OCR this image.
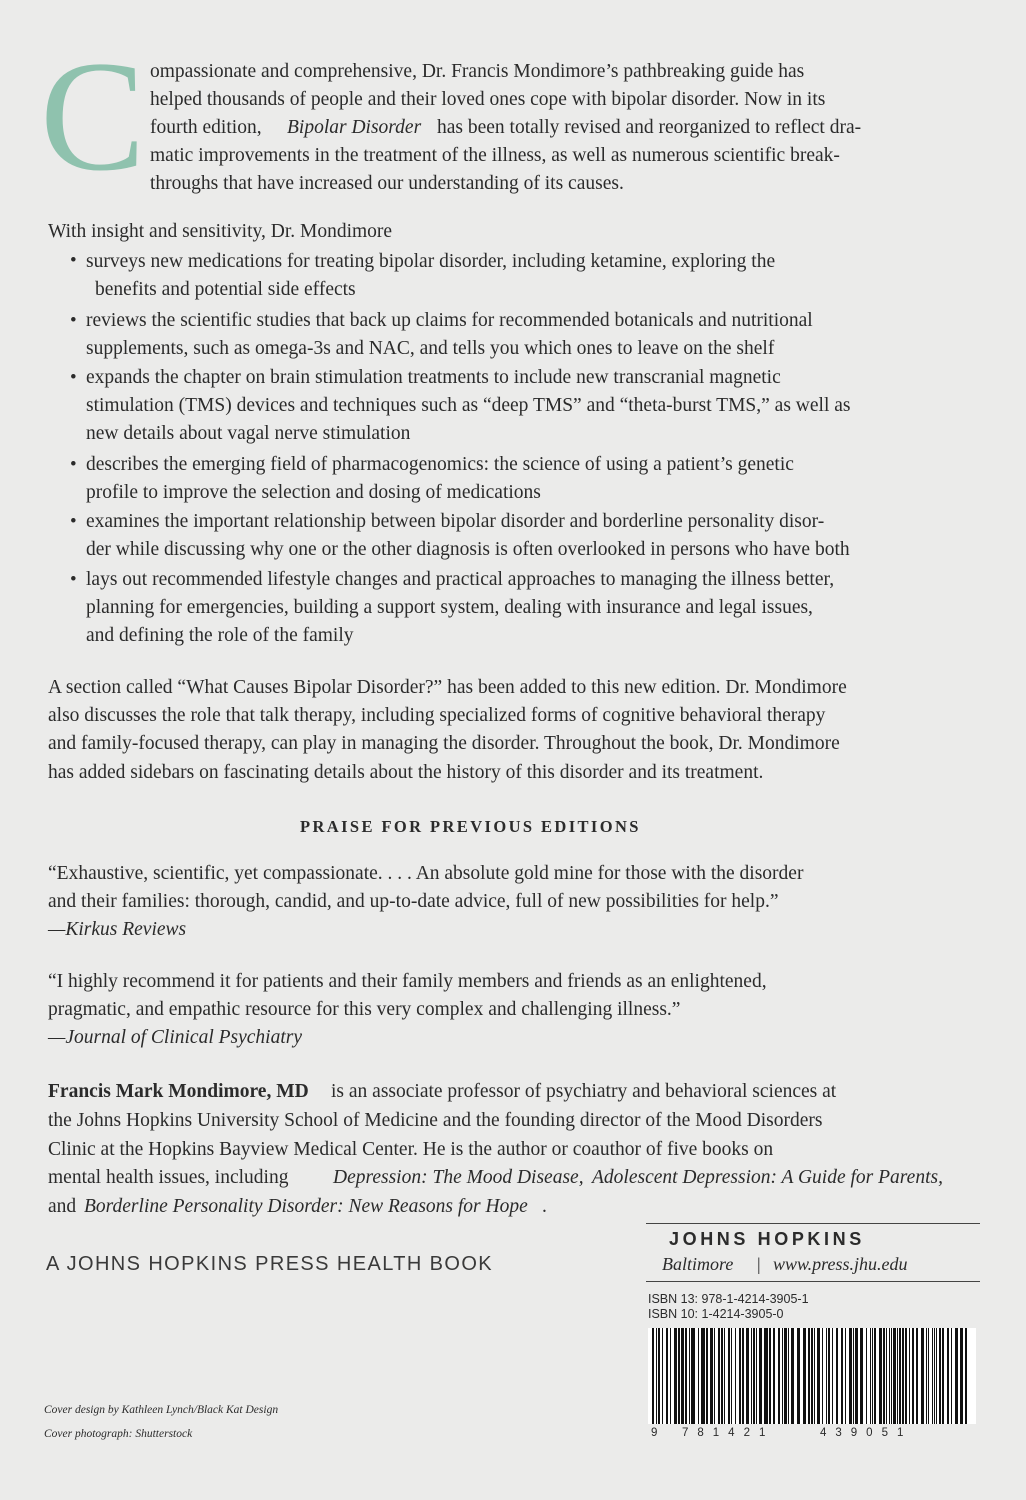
C ompassionate and comprehensive, Dr. Francis Mondimore’s pathbreaking guide has
helped thousands of people and their loved ones cope with bipolar disorder. Now in its
fourth edition, Bipolar Disorder has been totally revised and reorganized to reflect dra-
matic improvements in the treatment of the illness, as well as numerous scientific break-
throughs that have increased our understanding of its causes.
With insight and sensitivity, Dr. Mondimore
• surveys new medications for treating bipolar disorder, including ketamine, exploring the
benefits and potential side effects
• reviews the scientific studies that back up claims for recommended botanicals and nutritional
supplements, such as omega-3s and NAC, and tells you which ones to leave on the shelf
• expands the chapter on brain stimulation treatments to include new transcranial magnetic
stimulation (TMS) devices and techniques such as “deep TMS” and “theta-burst TMS,” as well as
new details about vagal nerve stimulation
• describes the emerging field of pharmacogenomics: the science of using a patient’s genetic
profile to improve the selection and dosing of medications
• examines the important relationship between bipolar disorder and borderline personality disor-
der while discussing why one or the other diagnosis is often overlooked in persons who have both
• lays out recommended lifestyle changes and practical approaches to managing the illness better,
planning for emergencies, building a support system, dealing with insurance and legal issues,
and defining the role of the family
A section called “What Causes Bipolar Disorder?” has been added to this new edition. Dr. Mondimore
also discusses the role that talk therapy, including specialized forms of cognitive behavioral therapy
and family-focused therapy, can play in managing the disorder. Throughout the book, Dr. Mondimore
has added sidebars on fascinating details about the history of this disorder and its treatment.
PRAISE FOR PREVIOUS EDITIONS
“Exhaustive, scientific, yet compassionate. . . . An absolute gold mine for those with the disorder
and their families: thorough, candid, and up-to-date advice, full of new possibilities for help.”
—Kirkus Reviews
“I highly recommend it for patients and their family members and friends as an enlightened,
pragmatic, and empathic resource for this very complex and challenging illness.”
—Journal of Clinical Psychiatry
Francis Mark Mondimore, MD is an associate professor of psychiatry and behavioral sciences at
the Johns Hopkins University School of Medicine and the founding director of the Mood Disorders
Clinic at the Hopkins Bayview Medical Center. He is the author or coauthor of five books on
mental health issues, including Depression: The Mood Disease, Adolescent Depression: A Guide for Parents,
and Borderline Personality Disorder: New Reasons for Hope .
A JOHNS HOPKINS PRESS HEALTH BOOK
JOHNS HOPKINS
Baltimore | www.press.jhu.edu
ISBN 13: 978-1-4214-3905-1
ISBN 10: 1-4214-3905-0
9 781421	439051
Cover design by Kathleen Lynch/Black Kat Design
Cover photograph: Shutterstock
